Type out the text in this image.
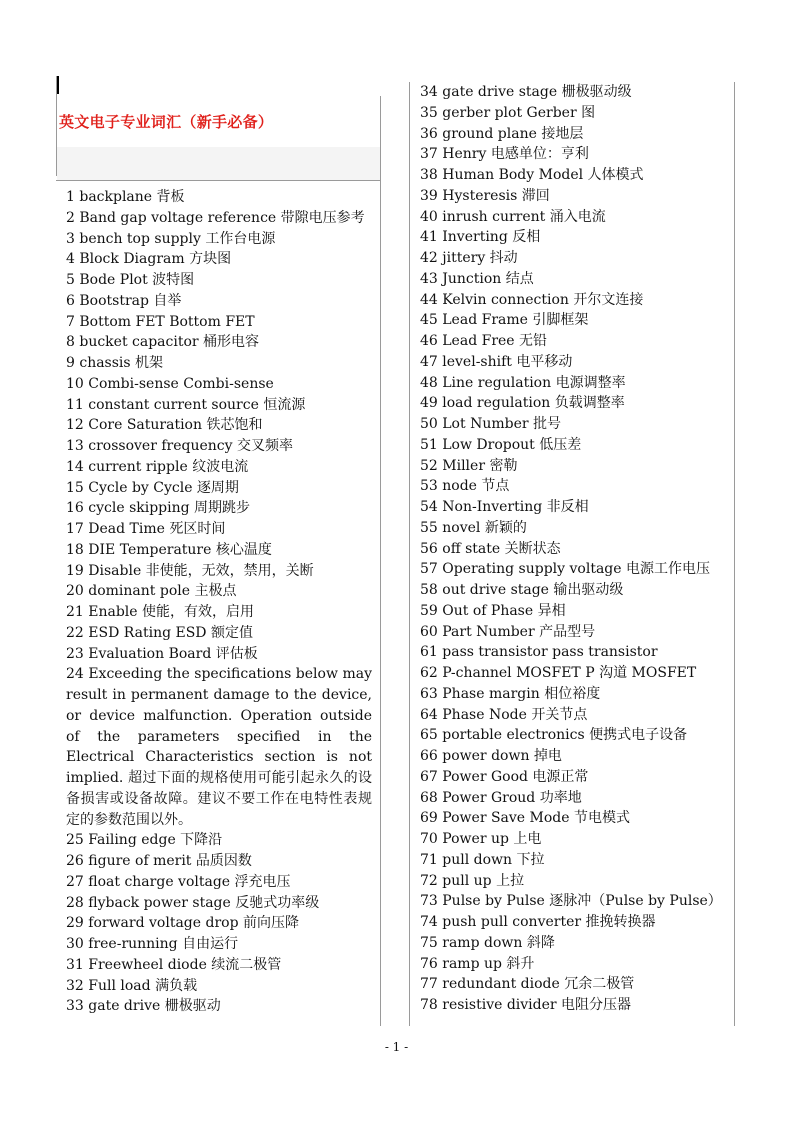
英文电子专业词汇（新手必备）
1 backplane 背板
2 Band gap voltage reference 带隙电压参考
3 bench top supply 工作台电源
4 Block Diagram 方块图
5 Bode Plot 波特图
6 Bootstrap 自举
7 Bottom FET Bottom FET
8 bucket capacitor 桶形电容
9 chassis 机架
10 Combi-sense Combi-sense
11 constant current source 恒流源
12 Core Saturation 铁芯饱和
13 crossover frequency 交叉频率
14 current ripple 纹波电流
15 Cycle by Cycle 逐周期
16 cycle skipping 周期跳步
17 Dead Time 死区时间
18 DIE Temperature 核心温度
19 Disable 非使能，无效，禁用，关断
20 dominant pole 主极点
21 Enable 使能，有效，启用
22 ESD Rating ESD 额定值
23 Evaluation Board 评估板
24 Exceeding the specifications below may result in permanent damage to the device, or device malfunction. Operation outside of the parameters specified in the Electrical Characteristics section is not implied. 超过下面的规格使用可能引起永久的设备损害或设备故障。建议不要工作在电特性表规定的参数范围以外。
25 Failing edge 下降沿
26 figure of merit 品质因数
27 float charge voltage 浮充电压
28 flyback power stage 反驰式功率级
29 forward voltage drop 前向压降
30 free-running 自由运行
31 Freewheel diode 续流二极管
32 Full load 满负载
33 gate drive 栅极驱动
34 gate drive stage 栅极驱动级
35 gerber plot Gerber 图
36 ground plane 接地层
37 Henry 电感单位：亨利
38 Human Body Model 人体模式
39 Hysteresis 滞回
40 inrush current 涌入电流
41 Inverting 反相
42 jittery 抖动
43 Junction 结点
44 Kelvin connection 开尔文连接
45 Lead Frame 引脚框架
46 Lead Free 无铅
47 level-shift 电平移动
48 Line regulation 电源调整率
49 load regulation 负载调整率
50 Lot Number 批号
51 Low Dropout 低压差
52 Miller 密勒
53 node 节点
54 Non-Inverting 非反相
55 novel 新颖的
56 off state 关断状态
57 Operating supply voltage 电源工作电压
58 out drive stage 输出驱动级
59 Out of Phase 异相
60 Part Number 产品型号
61 pass transistor pass transistor
62 P-channel MOSFET P 沟道 MOSFET
63 Phase margin 相位裕度
64 Phase Node 开关节点
65 portable electronics 便携式电子设备
66 power down 掉电
67 Power Good 电源正常
68 Power Groud 功率地
69 Power Save Mode 节电模式
70 Power up 上电
71 pull down 下拉
72 pull up 上拉
73 Pulse by Pulse 逐脉冲（Pulse by Pulse）
74 push pull converter 推挽转换器
75 ramp down 斜降
76 ramp up 斜升
77 redundant diode 冗余二极管
78 resistive divider 电阻分压器
- 1 -
